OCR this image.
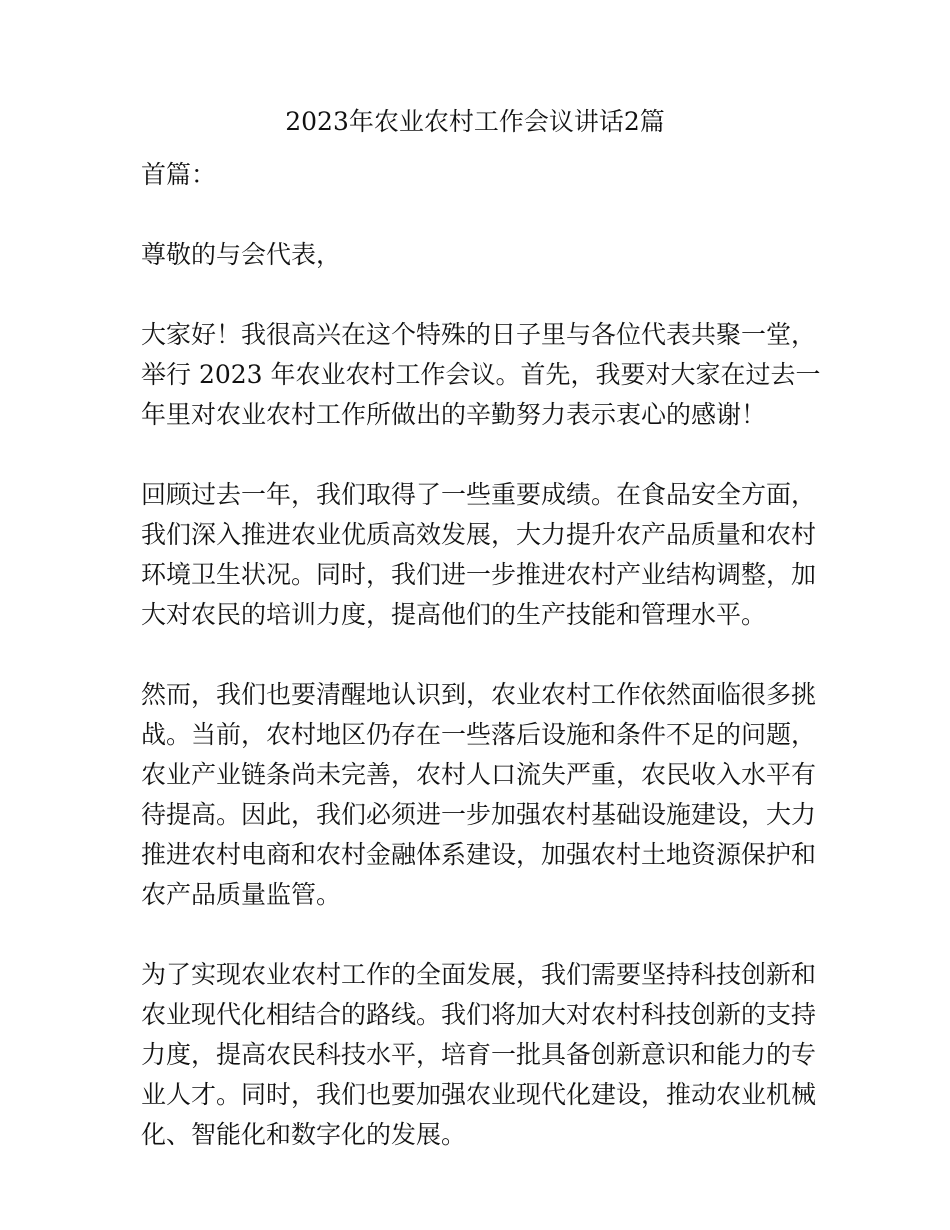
2023年农业农村工作会议讲话2篇

首篇：

尊敬的与会代表，

大家好！我很高兴在这个特殊的日子里与各位代表共聚一堂，
举行 2023 年农业农村工作会议。首先，我要对大家在过去一
年里对农业农村工作所做出的辛勤努力表示衷心的感谢！

回顾过去一年，我们取得了一些重要成绩。在食品安全方面，
我们深入推进农业优质高效发展，大力提升农产品质量和农村
环境卫生状况。同时，我们进一步推进农村产业结构调整，加
大对农民的培训力度，提高他们的生产技能和管理水平。

然而，我们也要清醒地认识到，农业农村工作依然面临很多挑
战。当前，农村地区仍存在一些落后设施和条件不足的问题，
农业产业链条尚未完善，农村人口流失严重，农民收入水平有
待提高。因此，我们必须进一步加强农村基础设施建设，大力
推进农村电商和农村金融体系建设，加强农村土地资源保护和
农产品质量监管。

为了实现农业农村工作的全面发展，我们需要坚持科技创新和
农业现代化相结合的路线。我们将加大对农村科技创新的支持
力度，提高农民科技水平，培育一批具备创新意识和能力的专
业人才。同时，我们也要加强农业现代化建设，推动农业机械
化、智能化和数字化的发展。
